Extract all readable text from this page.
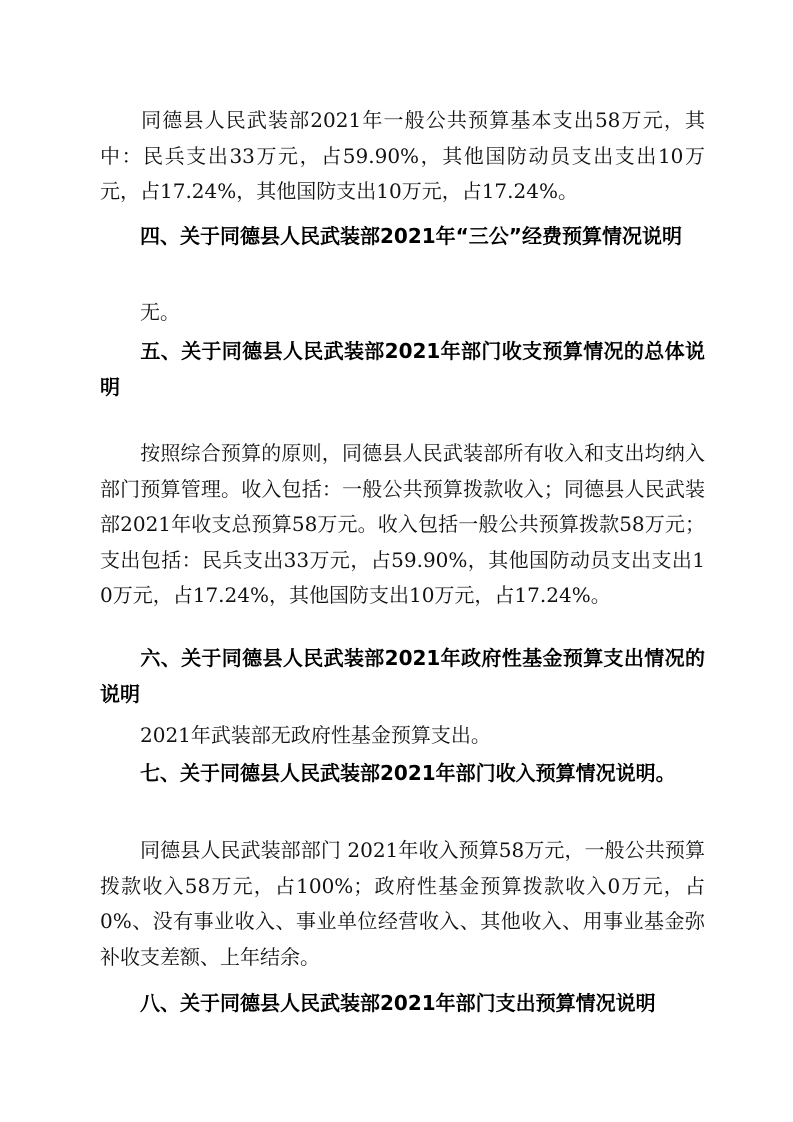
同德县人民武装部2021年一般公共预算基本支出58万元，其中：民兵支出33万元，占59.90%，其他国防动员支出支出10万元，占17.24%，其他国防支出10万元，占17.24%。
四、关于同德县人民武装部2021年“三公”经费预算情况说明
无。
五、关于同德县人民武装部2021年部门收支预算情况的总体说明
按照综合预算的原则，同德县人民武装部所有收入和支出均纳入部门预算管理。收入包括：一般公共预算拨款收入；同德县人民武装部2021年收支总预算58万元。收入包括一般公共预算拨款58万元；支出包括：民兵支出33万元，占59.90%，其他国防动员支出支出10万元，占17.24%，其他国防支出10万元，占17.24%。
六、关于同德县人民武装部2021年政府性基金预算支出情况的说明
2021年武装部无政府性基金预算支出。
七、关于同德县人民武装部2021年部门收入预算情况说明。
同德县人民武装部部门 2021年收入预算58万元，一般公共预算拨款收入58万元，占100%；政府性基金预算拨款收入0万元，占0%、没有事业收入、事业单位经营收入、其他收入、用事业基金弥补收支差额、上年结余。
八、关于同德县人民武装部2021年部门支出预算情况说明
